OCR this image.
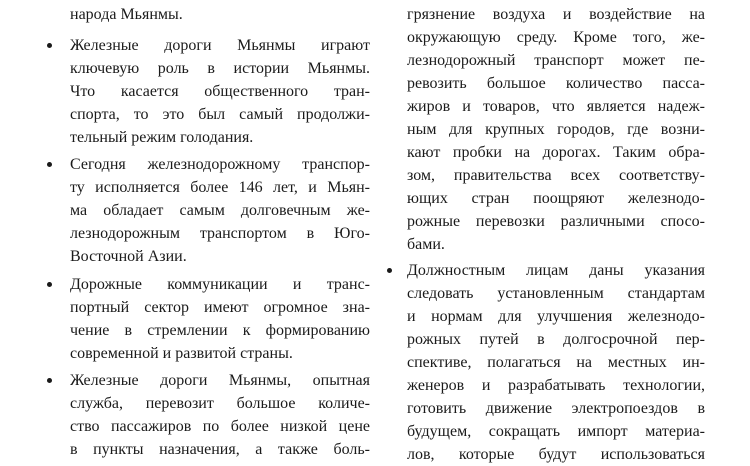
народа Мьянмы.
Железные дороги Мьянмы играют
ключевую роль в истории Мьянмы.
Что касается общественного тран-
спорта, то это был самый продолжи-
тельный режим голодания.
Сегодня железнодорожному транспор-
ту исполняется более 146 лет, и Мьян-
ма обладает самым долговечным же-
лезнодорожным транспортом в Юго-
Восточной Азии.
Дорожные коммуникации и транс-
портный сектор имеют огромное зна-
чение в стремлении к формированию
современной и развитой страны.
Железные дороги Мьянмы, опытная
служба, перевозит большое количе-
ство пассажиров по более низкой цене
в пункты назначения, а также боль-
грязнение воздуха и воздействие на
окружающую среду. Кроме того, же-
лезнодорожный транспорт может пе-
ревозить большое количество пасса-
жиров и товаров, что является надеж-
ным для крупных городов, где возни-
кают пробки на дорогах. Таким обра-
зом, правительства всех соответству-
ющих стран поощряют железнодо-
рожные перевозки различными спосо-
бами.
Должностным лицам даны указания
следовать установленным стандартам
и нормам для улучшения железнодо-
рожных путей в долгосрочной пер-
спективе, полагаться на местных ин-
женеров и разрабатывать технологии,
готовить движение электропоездов в
будущем, сокращать импорт материа-
лов, которые будут использоваться
